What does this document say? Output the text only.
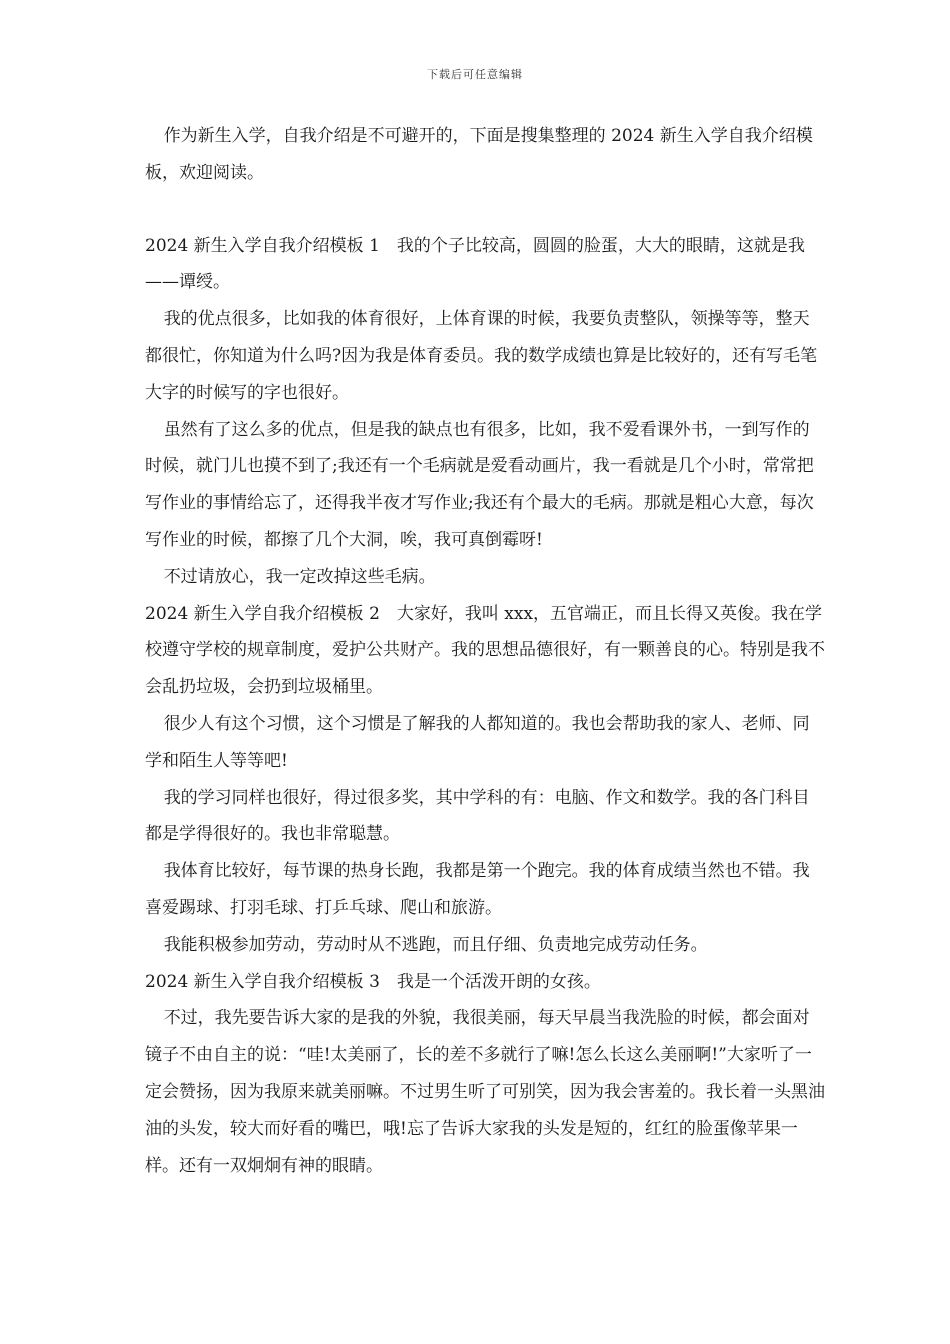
下载后可任意编辑

作为新生入学，自我介绍是不可避开的，下面是搜集整理的 2024 新生入学自我介绍模板，欢迎阅读。

2024 新生入学自我介绍模板 1　我的个子比较高，圆圆的脸蛋，大大的眼睛，这就是我——谭绶。

我的优点很多，比如我的体育很好，上体育课的时候，我要负责整队，领操等等，整天都很忙，你知道为什么吗?因为我是体育委员。我的数学成绩也算是比较好的，还有写毛笔大字的时候写的字也很好。

虽然有了这么多的优点，但是我的缺点也有很多，比如，我不爱看课外书，一到写作的时候，就门儿也摸不到了;我还有一个毛病就是爱看动画片，我一看就是几个小时，常常把写作业的事情给忘了，还得我半夜才写作业;我还有个最大的毛病。那就是粗心大意，每次写作业的时候，都擦了几个大洞，唉，我可真倒霉呀!

不过请放心，我一定改掉这些毛病。

2024 新生入学自我介绍模板 2　大家好，我叫 xxx，五官端正，而且长得又英俊。我在学校遵守学校的规章制度，爱护公共财产。我的思想品德很好，有一颗善良的心。特别是我不会乱扔垃圾，会扔到垃圾桶里。

很少人有这个习惯，这个习惯是了解我的人都知道的。我也会帮助我的家人、老师、同学和陌生人等等吧!

我的学习同样也很好，得过很多奖，其中学科的有：电脑、作文和数学。我的各门科目都是学得很好的。我也非常聪慧。

我体育比较好，每节课的热身长跑，我都是第一个跑完。我的体育成绩当然也不错。我喜爱踢球、打羽毛球、打乒乓球、爬山和旅游。

我能积极参加劳动，劳动时从不逃跑，而且仔细、负责地完成劳动任务。

2024 新生入学自我介绍模板 3　我是一个活泼开朗的女孩。

不过，我先要告诉大家的是我的外貌，我很美丽，每天早晨当我洗脸的时候，都会面对镜子不由自主的说：“哇!太美丽了，长的差不多就行了嘛!怎么长这么美丽啊!”大家听了一定会赞扬，因为我原来就美丽嘛。不过男生听了可别笑，因为我会害羞的。我长着一头黑油油的头发，较大而好看的嘴巴，哦!忘了告诉大家我的头发是短的，红红的脸蛋像苹果一样。还有一双炯炯有神的眼睛。
